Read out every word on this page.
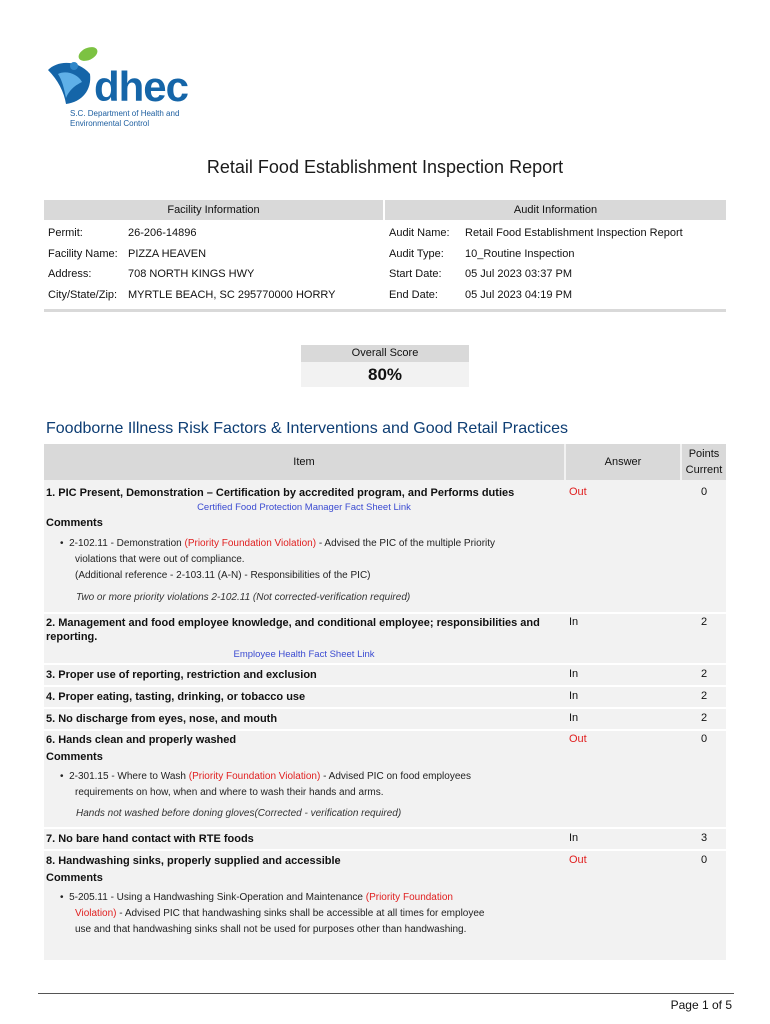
dhec
S.C. Department of Health and
Environmental Control
Retail Food Establishment Inspection Report
Facility Information	Audit Information
Permit:	26-206-14896	Audit Name: Retail Food Establishment Inspection Report
Facility Name: PIZZA HEAVEN	Audit Type: 10_Routine Inspection
Address:	708 NORTH KINGS HWY	Start Date: 05 Jul 2023 03:37 PM
City/State/Zip: MYRTLE BEACH, SC 295770000 HORRY	End Date: 05 Jul 2023 04:19 PM
Overall Score
80%
Foodborne Illness Risk Factors & Interventions and Good Retail Practices
Item	Answer
Points
Current
1. PIC Present, Demonstration – Certification by accredited program, and Performs duties
Certified Food Protection Manager Fact Sheet Link
Out	0
Comments
•  2-102.11 - Demonstration (Priority Foundation Violation) - Advised the PIC of the multiple Priority
violations that were out of compliance.
(Additional reference - 2-103.11 (A-N) - Responsibilities of the PIC)
Two or more priority violations 2-102.11 (Not corrected-verification required)
2. Management and food employee knowledge, and conditional employee; responsibilities and
reporting.
Employee Health Fact Sheet Link
In	2
3. Proper use of reporting, restriction and exclusion	In	2
4. Proper eating, tasting, drinking, or tobacco use	In	2
5. No discharge from eyes, nose, and mouth	In	2
6. Hands clean and properly washed	Out	0
Comments
•  2-301.15 - Where to Wash (Priority Foundation Violation) - Advised PIC on food employees
requirements on how, when and where to wash their hands and arms.
Hands not washed before doning gloves(Corrected - verification required)
7. No bare hand contact with RTE foods	In	3
8. Handwashing sinks, properly supplied and accessible	Out	0
Comments
•  5-205.11 - Using a Handwashing Sink-Operation and Maintenance (Priority Foundation
Violation) - Advised PIC that handwashing sinks shall be accessible at all times for employee
use and that handwashing sinks shall not be used for purposes other than handwashing.
Page 1 of 5
